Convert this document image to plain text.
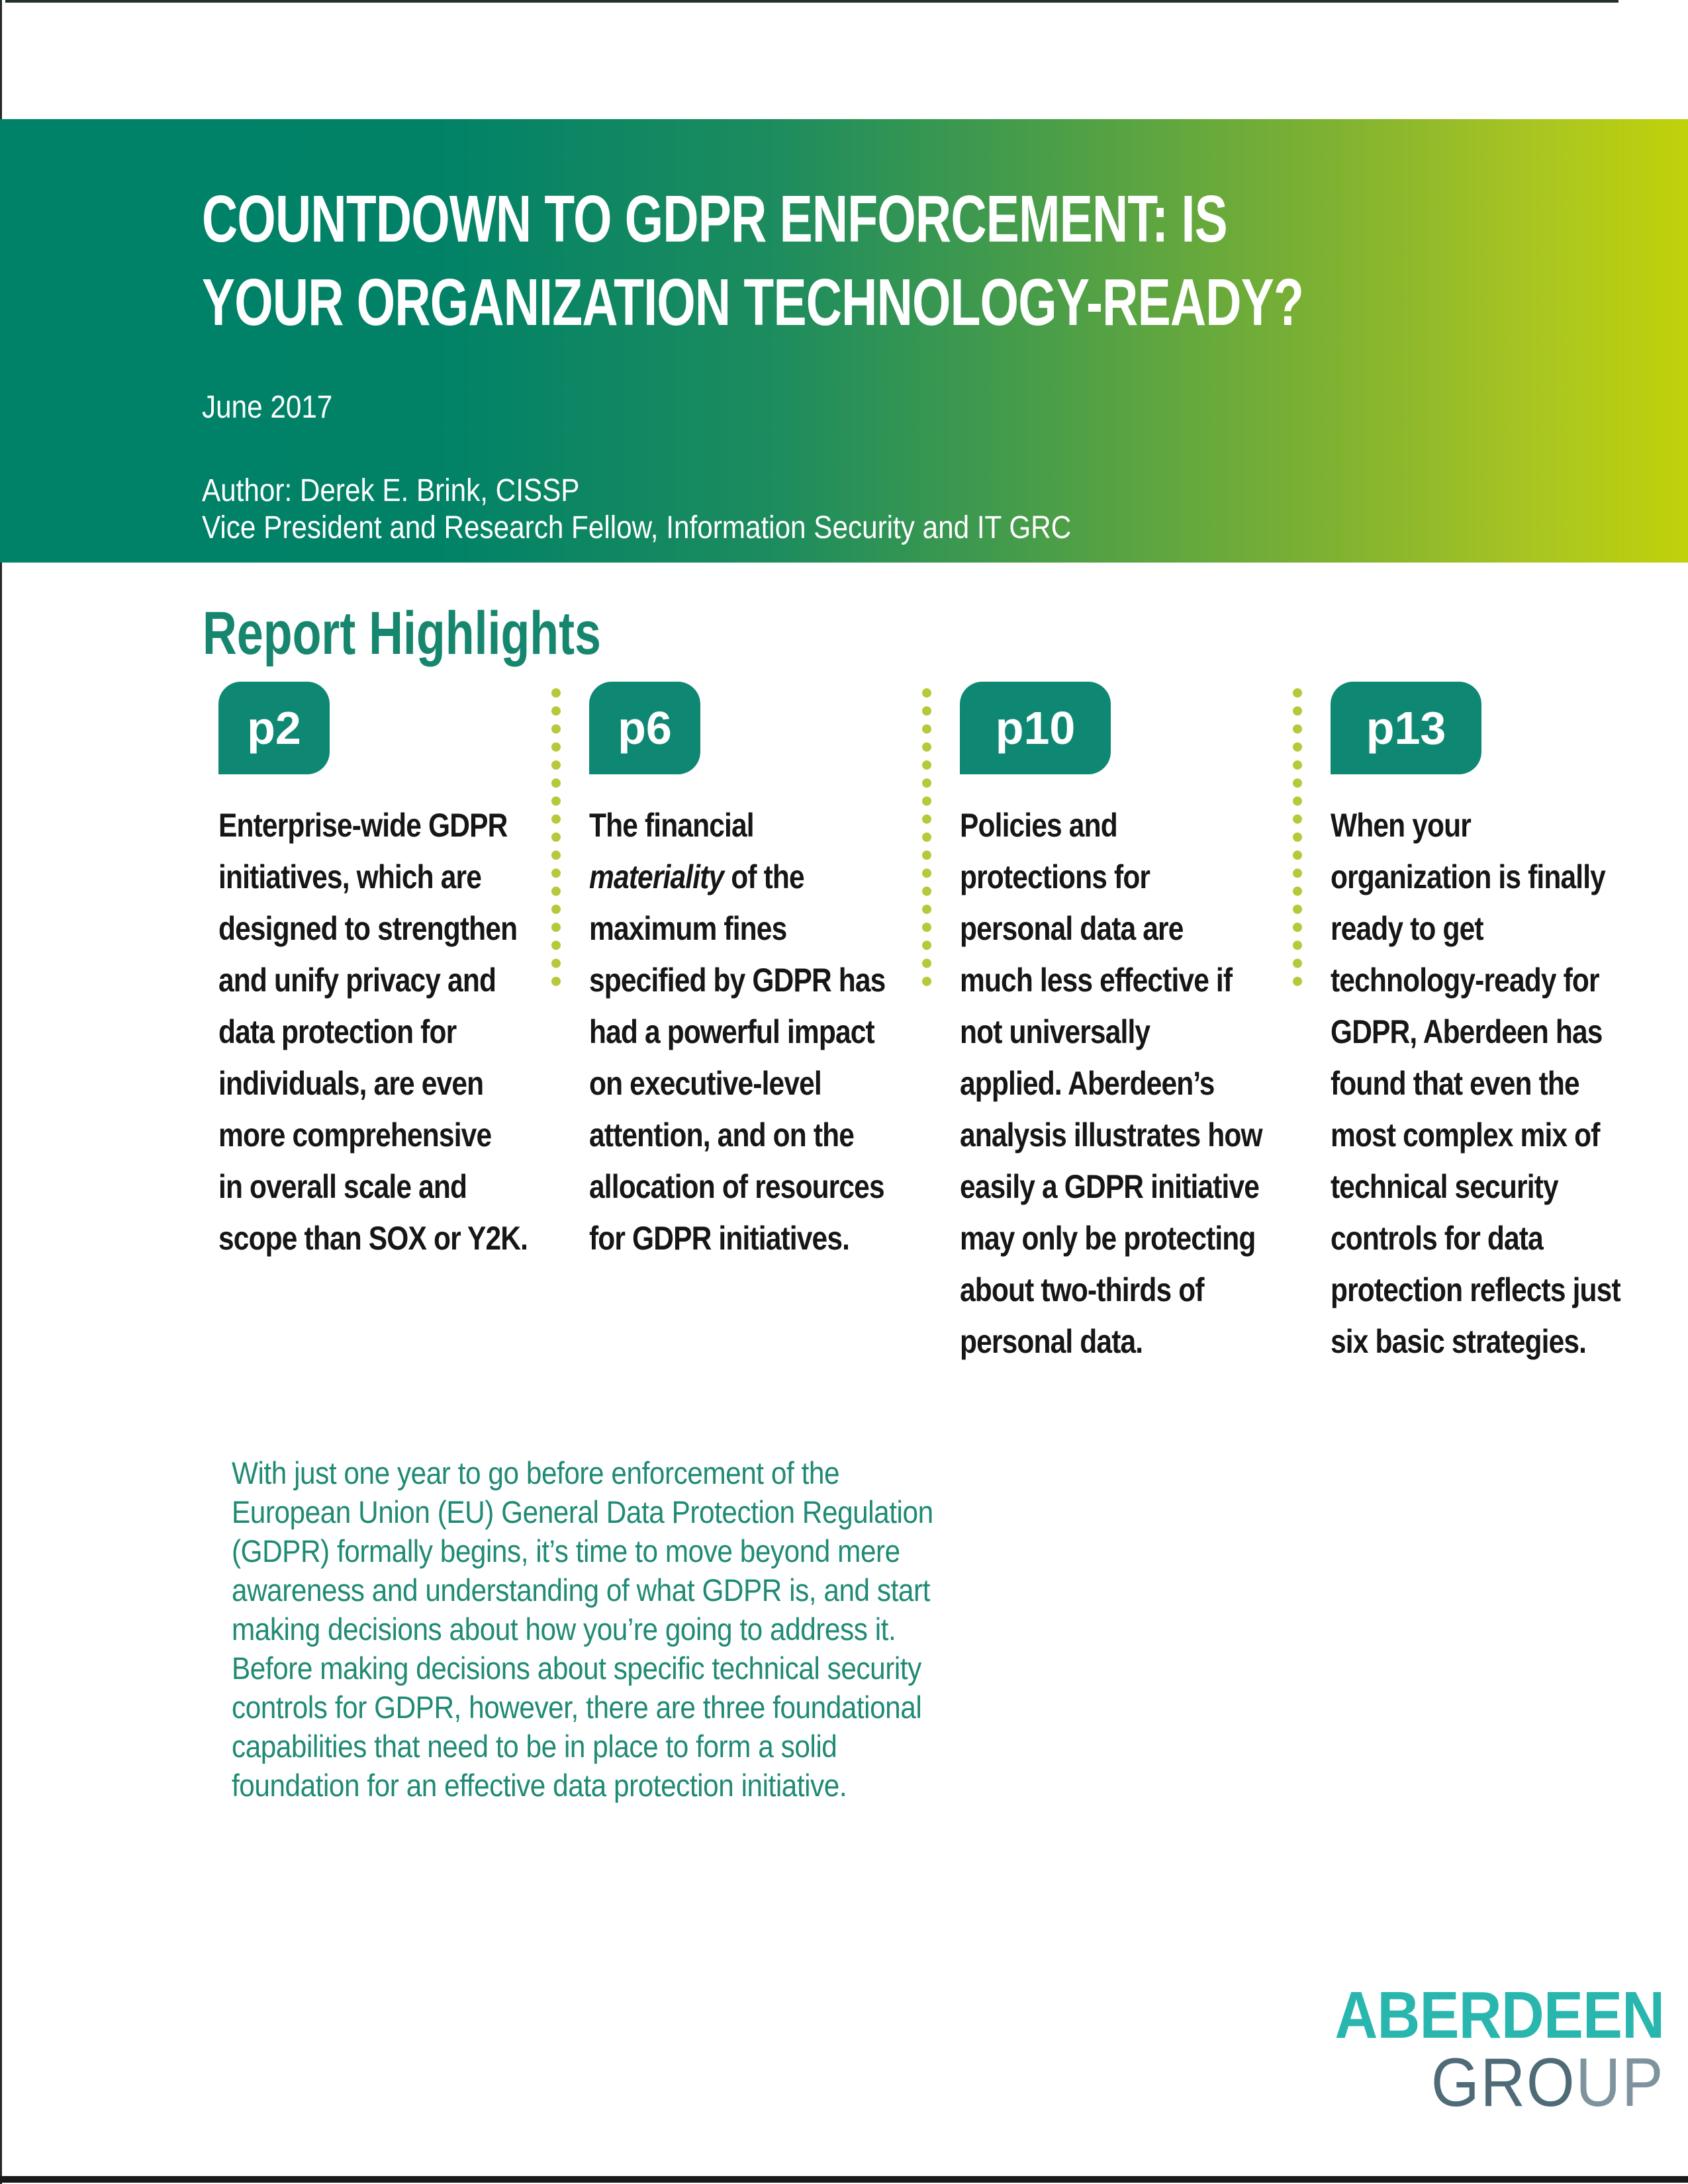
COUNTDOWN TO GDPR ENFORCEMENT: IS
YOUR ORGANIZATION TECHNOLOGY-READY?
June 2017
Author: Derek E. Brink, CISSP
Vice President and Research Fellow, Information Security and IT GRC
Report Highlights
p2
Enterprise-wide GDPR
initiatives, which are
designed to strengthen
and unify privacy and
data protection for
individuals, are even
more comprehensive
in overall scale and
scope than SOX or Y2K.
p6
The financial
materiality of the
maximum fines
specified by GDPR has
had a powerful impact
on executive-level
attention, and on the
allocation of resources
for GDPR initiatives.
p10
Policies and
protections for
personal data are
much less effective if
not universally
applied. Aberdeen’s
analysis illustrates how
easily a GDPR initiative
may only be protecting
about two-thirds of
personal data.
p13
When your
organization is finally
ready to get
technology-ready for
GDPR, Aberdeen has
found that even the
most complex mix of
technical security
controls for data
protection reflects just
six basic strategies.
With just one year to go before enforcement of the
European Union (EU) General Data Protection Regulation
(GDPR) formally begins, it’s time to move beyond mere
awareness and understanding of what GDPR is, and start
making decisions about how you’re going to address it.
Before making decisions about specific technical security
controls for GDPR, however, there are three foundational
capabilities that need to be in place to form a solid
foundation for an effective data protection initiative.
ABERDEEN
GROUP
